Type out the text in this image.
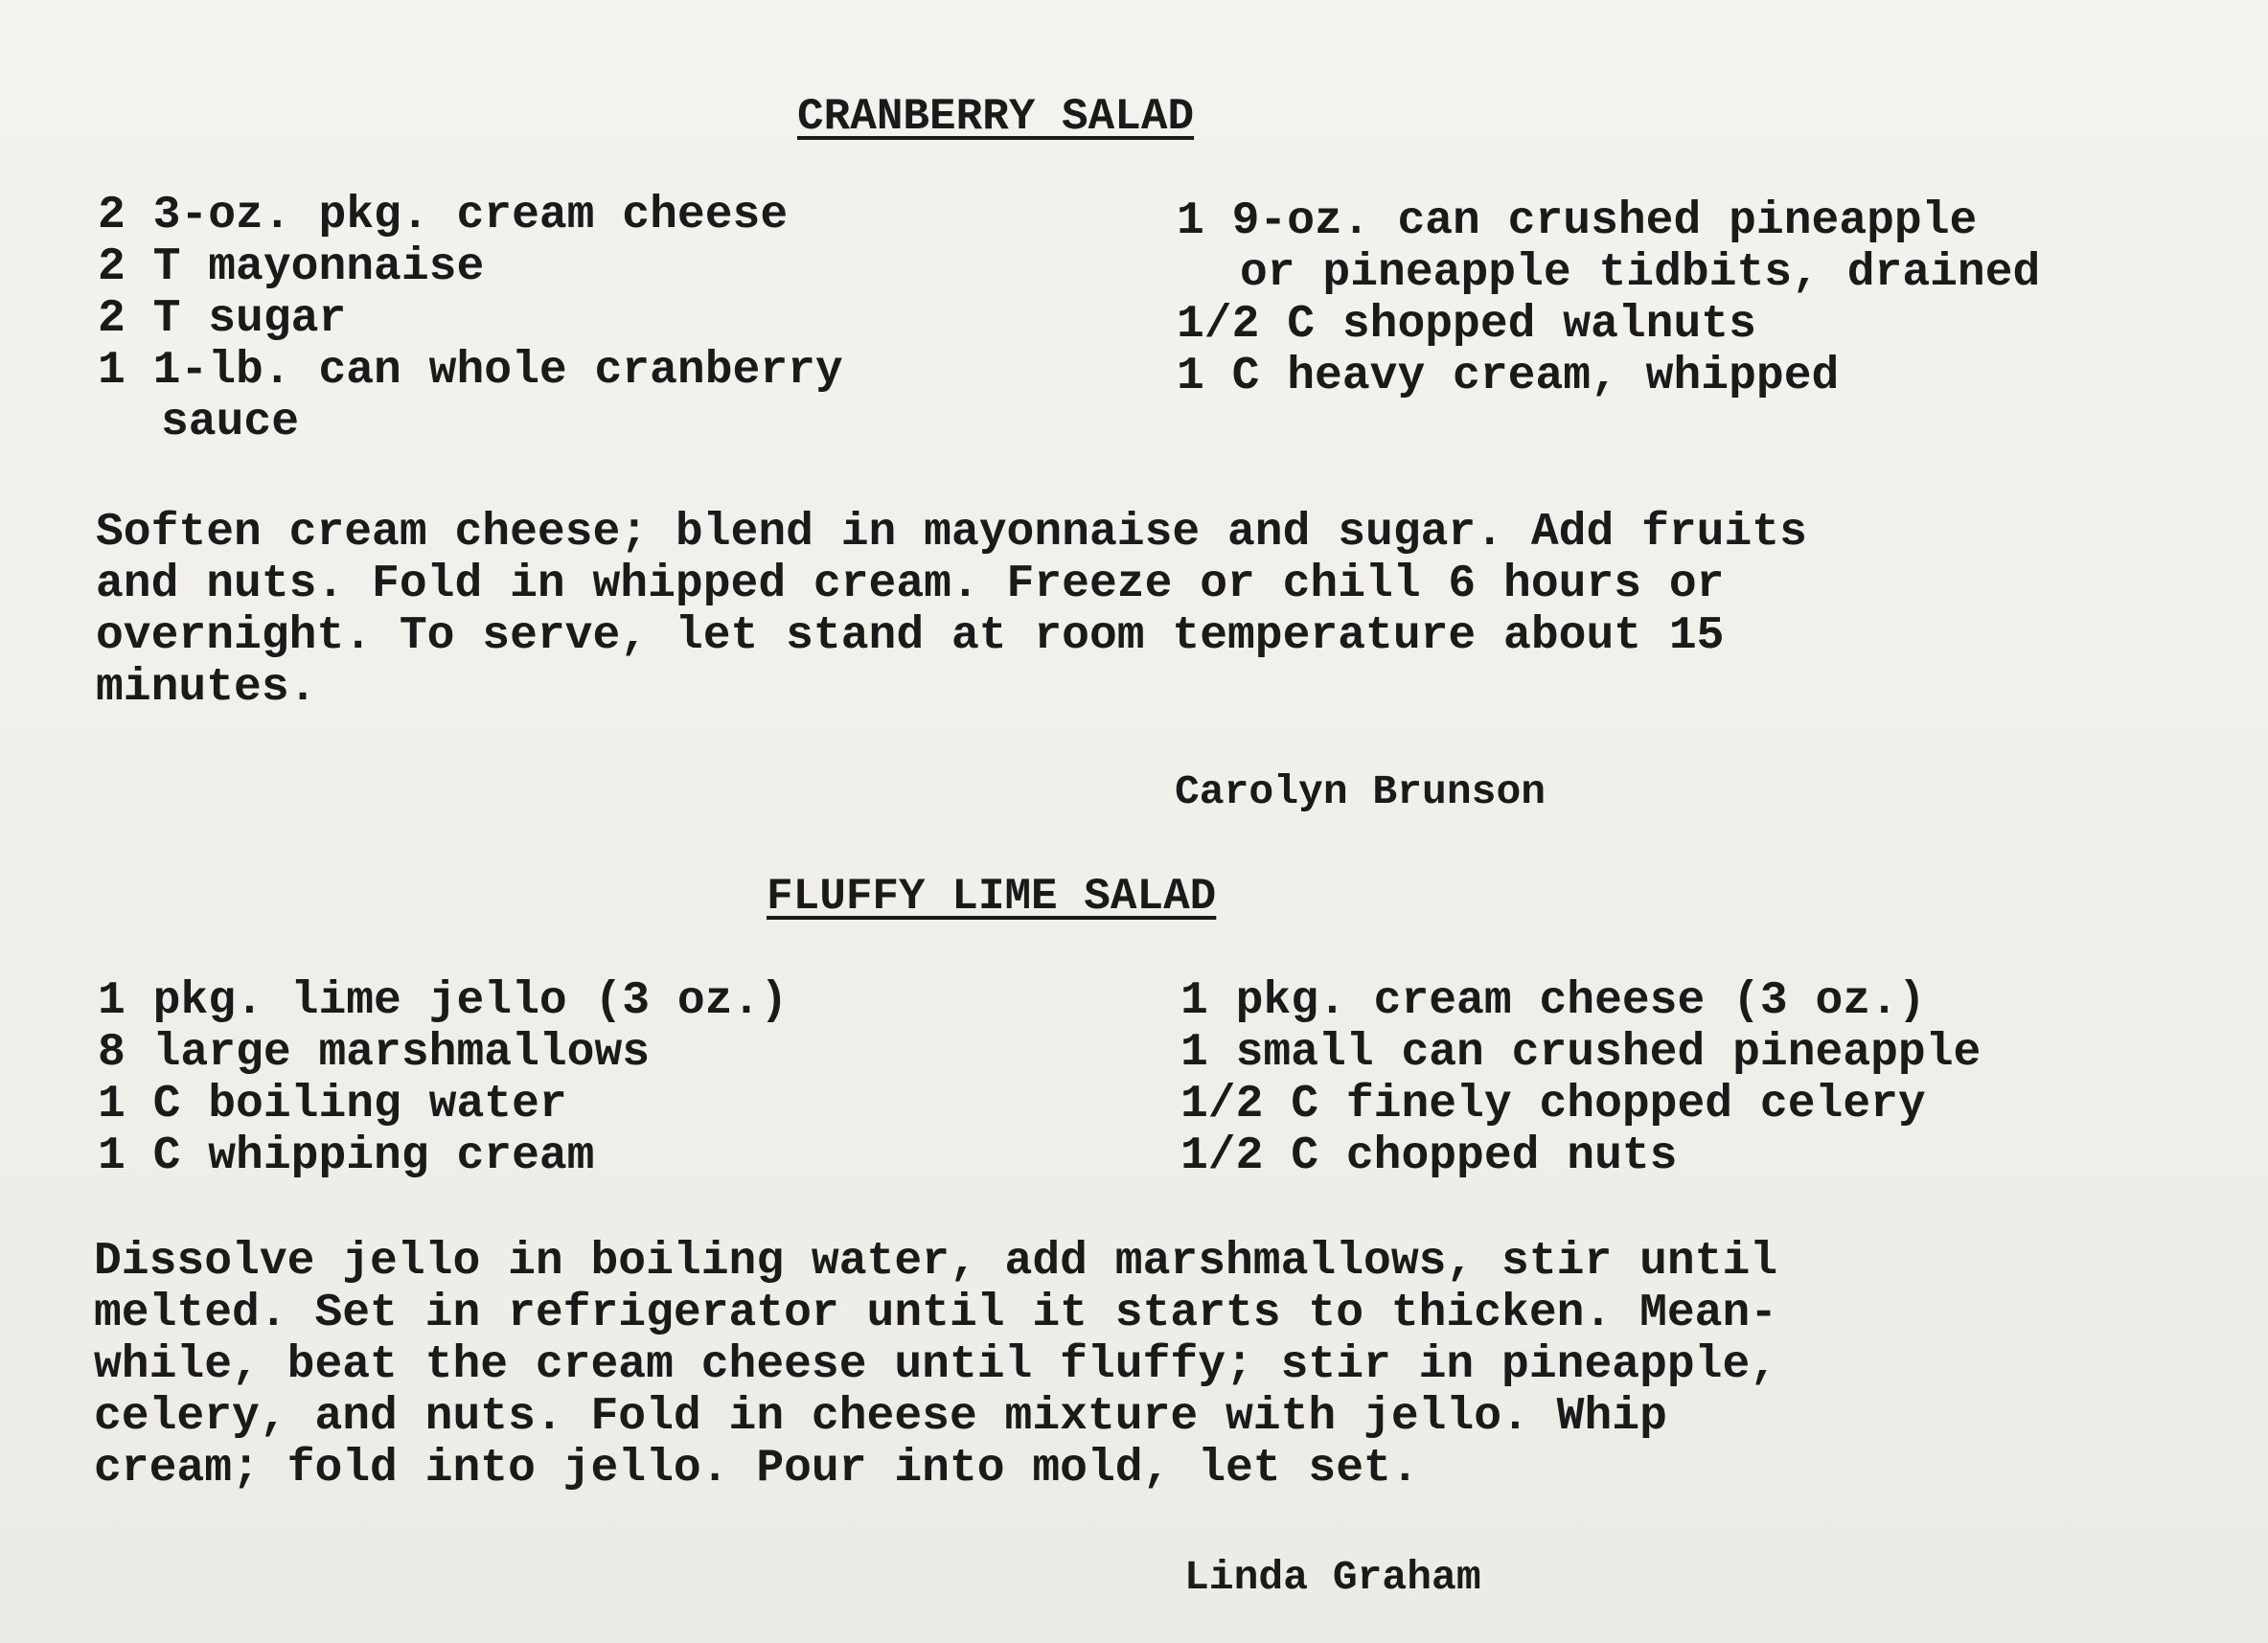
CRANBERRY SALAD
2 3-oz. pkg. cream cheese
2 T mayonnaise
2 T sugar
1 1-lb. can whole cranberry
sauce
1 9-oz. can crushed pineapple
or pineapple tidbits, drained
1/2 C shopped walnuts
1 C heavy cream, whipped
Soften cream cheese; blend in mayonnaise and sugar. Add fruits
and nuts. Fold in whipped cream. Freeze or chill 6 hours or
overnight. To serve, let stand at room temperature about 15
minutes.
Carolyn Brunson
FLUFFY LIME SALAD
1 pkg. lime jello (3 oz.)
8 large marshmallows
1 C boiling water
1 C whipping cream
1 pkg. cream cheese (3 oz.)
1 small can crushed pineapple
1/2 C finely chopped celery
1/2 C chopped nuts
Dissolve jello in boiling water, add marshmallows, stir until
melted. Set in refrigerator until it starts to thicken. Mean-
while, beat the cream cheese until fluffy; stir in pineapple,
celery, and nuts. Fold in cheese mixture with jello. Whip
cream; fold into jello. Pour into mold, let set.
Linda Graham
